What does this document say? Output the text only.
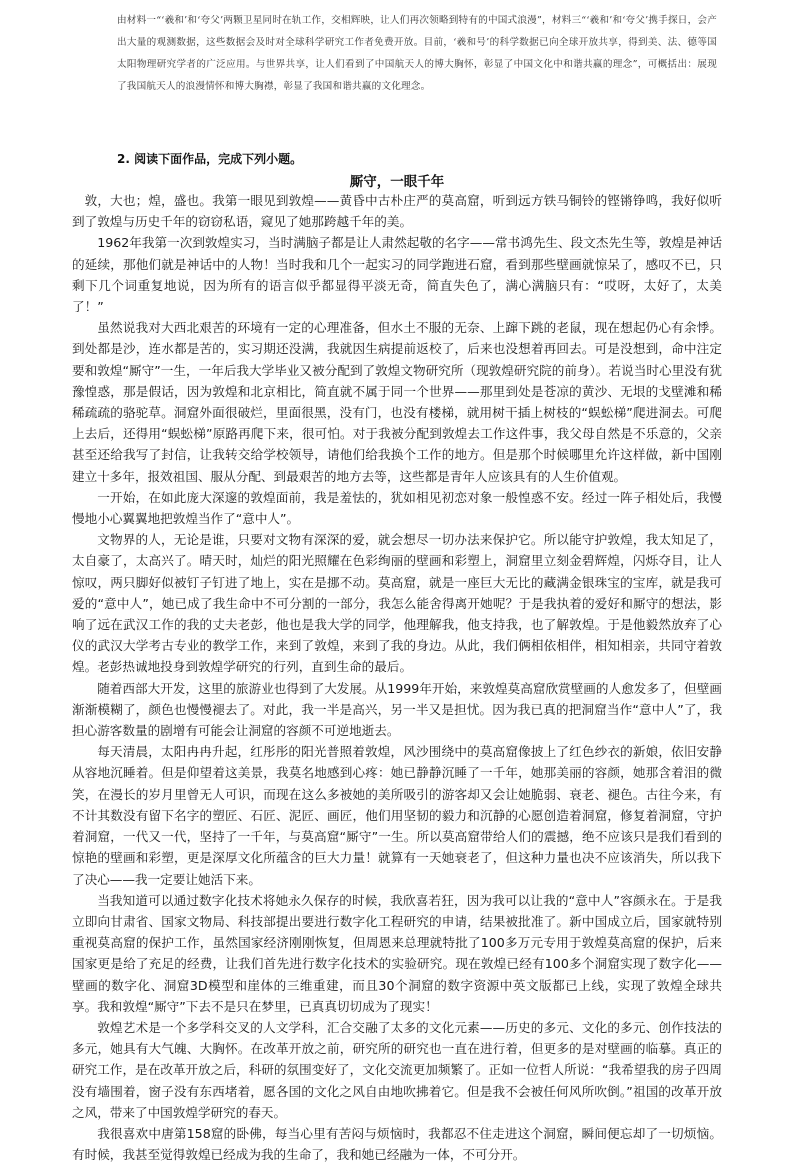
由材料一“‘羲和’和‘夸父’两颗卫星同时在轨工作，交相辉映，让人们再次领略到特有的中国式浪漫”，材料三“‘羲和’和‘夸父’携手探日，会产出大量的观测数据，这些数据会及时对全球科学研究工作者免费开放。目前，‘羲和号’的科学数据已向全球开放共享，得到美、法、德等国太阳物理研究学者的广泛应用。与世界共享，让人们看到了中国航天人的博大胸怀，彰显了中国文化中和谐共赢的理念”，可概括出：展现了我国航天人的浪漫情怀和博大胸襟，彰显了我国和谐共赢的文化理念。

2. 阅读下面作品，完成下列小题。
厮守，一眼千年

敦，大也；煌，盛也。我第一眼见到敦煌——黄昏中古朴庄严的莫高窟，听到远方铁马铜铃的铿锵铮鸣，我好似听到了敦煌与历史千年的窃窃私语，窥见了她那跨越千年的美。

1962年我第一次到敦煌实习，当时满脑子都是让人肃然起敬的名字——常书鸿先生、段文杰先生等，敦煌是神话的延续，那他们就是神话中的人物！当时我和几个一起实习的同学跑进石窟，看到那些壁画就惊呆了，感叹不已，只剩下几个词重复地说，因为所有的语言似乎都显得平淡无奇，简直失色了，满心满脑只有：“哎呀，太好了，太美了！”

虽然说我对大西北艰苦的环境有一定的心理准备，但水土不服的无奈、上蹿下跳的老鼠，现在想起仍心有余悸。到处都是沙，连水都是苦的，实习期还没满，我就因生病提前返校了，后来也没想着再回去。可是没想到，命中注定要和敦煌“厮守”一生，一年后我大学毕业又被分配到了敦煌文物研究所（现敦煌研究院的前身）。若说当时心里没有犹豫惶惑，那是假话，因为敦煌和北京相比，简直就不属于同一个世界——那里到处是苍凉的黄沙、无垠的戈壁滩和稀稀疏疏的骆驼草。洞窟外面很破烂，里面很黑，没有门，也没有楼梯，就用树干插上树枝的“蜈蚣梯”爬进洞去。可爬上去后，还得用“蜈蚣梯”原路再爬下来，很可怕。对于我被分配到敦煌去工作这件事，我父母自然是不乐意的，父亲甚至还给我写了封信，让我转交给学校领导，请他们给我换个工作的地方。但是那个时候哪里允许这样做，新中国刚建立十多年，报效祖国、服从分配、到最艰苦的地方去等，这些都是青年人应该具有的人生价值观。

一开始，在如此庞大深邃的敦煌面前，我是羞怯的，犹如相见初恋对象一般惶惑不安。经过一阵子相处后，我慢慢地小心翼翼地把敦煌当作了“意中人”。

文物界的人，无论是谁，只要对文物有深深的爱，就会想尽一切办法来保护它。所以能守护敦煌，我太知足了，太自豪了，太高兴了。晴天时，灿烂的阳光照耀在色彩绚丽的壁画和彩塑上，洞窟里立刻金碧辉煌，闪烁夺目，让人惊叹，两只脚好似被钉子钉进了地上，实在是挪不动。莫高窟，就是一座巨大无比的藏满金银珠宝的宝库，就是我可爱的“意中人”，她已成了我生命中不可分割的一部分，我怎么能舍得离开她呢？于是我执着的爱好和厮守的想法，影响了远在武汉工作的我的丈夫老彭，他也是我大学的同学，他理解我，他支持我，也了解敦煌。于是他毅然放弃了心仪的武汉大学考古专业的教学工作，来到了敦煌，来到了我的身边。从此，我们俩相依相伴，相知相亲，共同守着敦煌。老彭热诚地投身到敦煌学研究的行列，直到生命的最后。

随着西部大开发，这里的旅游业也得到了大发展。从1999年开始，来敦煌莫高窟欣赏壁画的人愈发多了，但壁画渐渐模糊了，颜色也慢慢褪去了。对此，我一半是高兴，另一半又是担忧。因为我已真的把洞窟当作“意中人”了，我担心游客数量的剧增有可能会让洞窟的容颜不可逆地逝去。

每天清晨，太阳冉冉升起，红彤彤的阳光普照着敦煌，风沙围绕中的莫高窟像披上了红色纱衣的新娘，依旧安静从容地沉睡着。但是仰望着这美景，我莫名地感到心疼：她已静静沉睡了一千年，她那美丽的容颜，她那含着泪的微笑，在漫长的岁月里曾无人可识，而现在这么多被她的美所吸引的游客却又会让她脆弱、衰老、褪色。古往今来，有不计其数没有留下名字的塑匠、石匠、泥匠、画匠，他们用坚韧的毅力和沉静的心愿创造着洞窟，修复着洞窟，守护着洞窟，一代又一代，坚持了一千年，与莫高窟“厮守”一生。所以莫高窟带给人们的震撼，绝不应该只是我们看到的惊艳的壁画和彩塑，更是深厚文化所蕴含的巨大力量！就算有一天她衰老了，但这种力量也决不应该消失，所以我下了决心——我一定要让她活下来。

当我知道可以通过数字化技术将她永久保存的时候，我欣喜若狂，因为我可以让我的“意中人”容颜永在。于是我立即向甘肃省、国家文物局、科技部提出要进行数字化工程研究的申请，结果被批准了。新中国成立后，国家就特别重视莫高窟的保护工作，虽然国家经济刚刚恢复，但周恩来总理就特批了100多万元专用于敦煌莫高窟的保护，后来国家更是给了充足的经费，让我们首先进行数字化技术的实验研究。现在敦煌已经有100多个洞窟实现了数字化——壁画的数字化、洞窟3D模型和崖体的三维重建，而且30个洞窟的数字资源中英文版都已上线，实现了敦煌全球共享。我和敦煌“厮守”下去不是只在梦里，已真真切切成为了现实！

敦煌艺术是一个多学科交叉的人文学科，汇合交融了太多的文化元素——历史的多元、文化的多元、创作技法的多元，她具有大气魄、大胸怀。在改革开放之前，研究所的研究也一直在进行着，但更多的是对壁画的临摹。真正的研究工作，是在改革开放之后，科研的氛围变好了，文化交流更加频繁了。正如一位哲人所说：“我希望我的房子四周没有墙围着，窗子没有东西堵着，愿各国的文化之风自由地吹拂着它。但是我不会被任何风所吹倒。”祖国的改革开放之风，带来了中国敦煌学研究的春天。

我很喜欢中唐第158窟的卧佛，每当心里有苦闷与烦恼时，我都忍不住走进这个洞窟，瞬间便忘却了一切烦恼。有时候，我甚至觉得敦煌已经成为我的生命了，我和她已经融为一体，不可分开。
